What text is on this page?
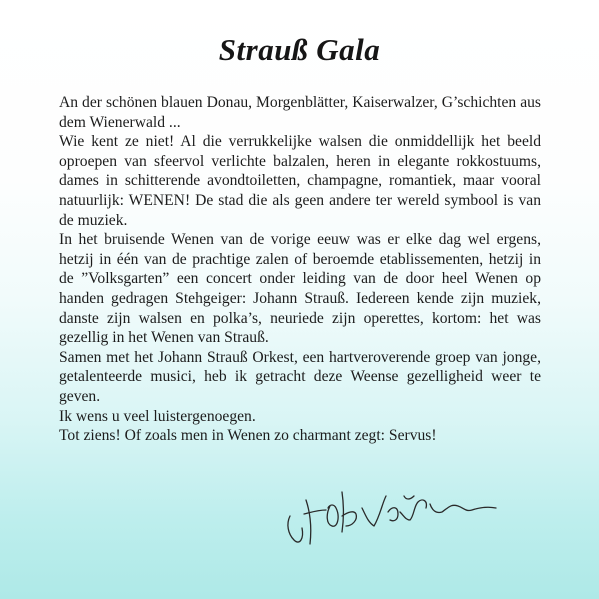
Strauß Gala

An der schönen blauen Donau, Morgenblätter, Kaiserwalzer, G’schichten aus dem Wienerwald ...

Wie kent ze niet! Al die verrukkelijke walsen die onmiddellijk het beeld oproepen van sfeervol verlichte balzalen, heren in elegante rokkostuums, dames in schitterende avondtoiletten, champagne, romantiek, maar vooral natuurlijk: WENEN! De stad die als geen andere ter wereld symbool is van de muziek.

In het bruisende Wenen van de vorige eeuw was er elke dag wel ergens, hetzij in één van de prachtige zalen of beroemde etablissementen, hetzij in de ”Volksgarten” een concert onder leiding van de door heel Wenen op handen gedragen Stehgeiger: Johann Strauß. Iedereen kende zijn muziek, danste zijn walsen en polka’s, neuriede zijn operettes, kortom: het was gezellig in het Wenen van Strauß.

Samen met het Johann Strauß Orkest, een hartveroverende groep van jonge, getalenteerde musici, heb ik getracht deze Weense gezelligheid weer te geven.

Ik wens u veel luistergenoegen.

Tot ziens! Of zoals men in Wenen zo charmant zegt: Servus!
